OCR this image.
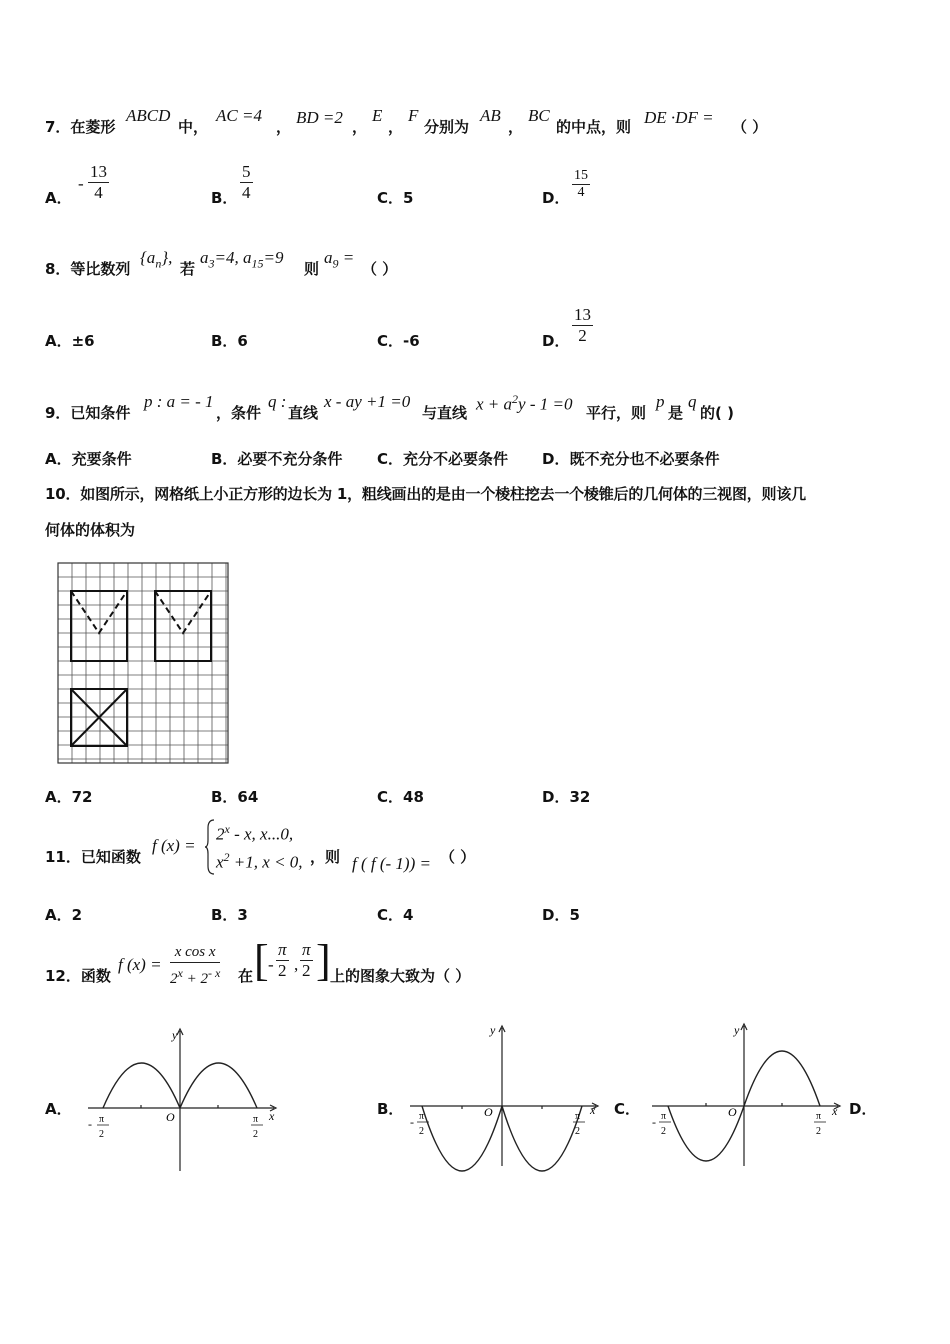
7．在菱形
ABCD
中，
AC =4
， BD =2 ，
E
，
F
分别为
AB
，
BC
的中点，则 DE ·DF = （ ）
A．
- $\frac{13}{4}$	B． $\frac{5}{4}$	C．5	D． $\frac{15}{4}$
8．等比数列
$\{a_n\}$,
若
$a_3=4$, $a_{15}=9$
则
$a_9$ =
（ ）
A．±6	B．6	C．-6	D． $\frac{13}{2}$
9．已知条件
p : a = - 1
，条件
q :
直线
x - ay +1 =0
与直线 $x + a^2y - 1 =0$ 平行，则
p
是
q
的( )
A．充要条件	B．必要不充分条件 C．充分不必要条件 D．既不充分也不必要条件
10．如图所示，网格纸上小正方形的边长为 1，粗线画出的是由一个棱柱挖去一个棱锥后的几何体的三视图，则该几
何体的体积为
A．72	B．64	C．48	D．32
11．已知函数
f (x) =
$2^x$ - x, x...0,
$x^2 +1$, x < 0, ，则 f ( f (- 1)) = （ ）
A．2	B．3	C．4	D．5
12．函数
f $(x) = \frac{\text{x cos x}}{2^x + 2^{- x}}$ 在 [ - $\frac{\pi}{2}$ , $\frac{\pi}{2}$ ] 上的图象大致为（ ）
A．	B．	C．	D．
y
x
O
- π
2
π
2
y
x
O
- π
2
π
2
y
x
O
- π
2
π
2
